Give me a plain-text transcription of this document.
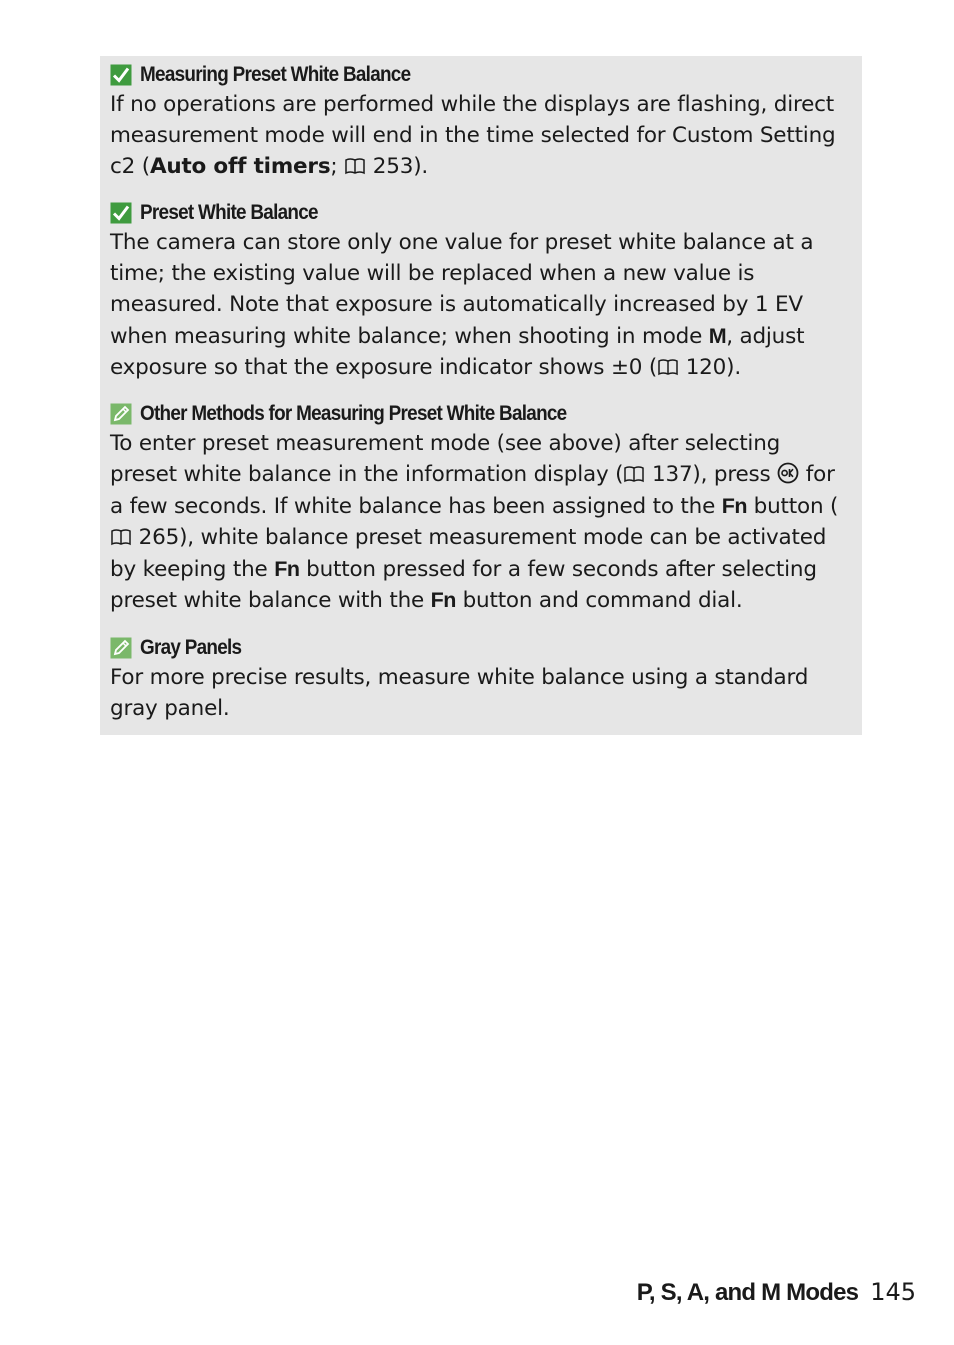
Measuring Preset White Balance
If no operations are performed while the displays are flashing, direct measurement mode will end in the time selected for Custom Setting c2 (Auto off timers;
253).
Preset White Balance
The camera can store only one value for preset white balance at a time; the existing value will be replaced when a new value is measured. Note that exposure is automatically increased by 1 EV when measuring white balance; when shooting in mode M, adjust exposure so that the exposure indicator shows ±0 ( 120).
Other Methods for Measuring Preset White Balance
To enter preset measurement mode (see above) after selecting preset white balance in the information display ( 137), press
for a few seconds. If white balance has been assigned to the Fn button (
265), white balance preset measurement mode can be activated by keeping the Fn button pressed for a few seconds after selecting preset white balance with the Fn button and command dial.
Gray Panels
For more precise results, measure white balance using a standard gray panel.
P, S, A, and M Modes 145
